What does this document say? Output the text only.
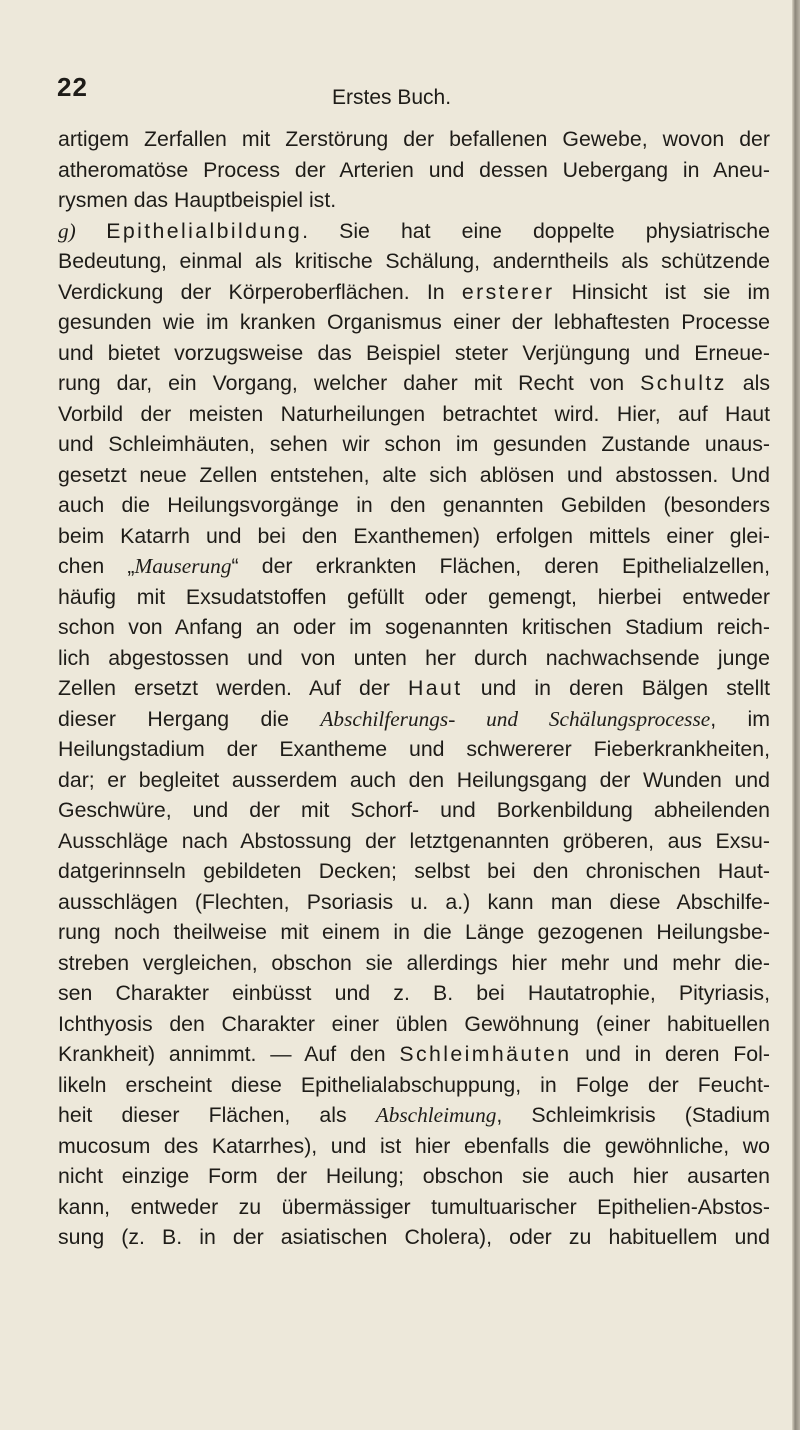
22	Erstes Buch.
artigem Zerfallen mit Zerstörung der befallenen Gewebe, wovon der
atheromatöse Process der Arterien und dessen Uebergang in Aneu-
rysmen das Hauptbeispiel ist.
g) Epithelialbildung. Sie hat eine doppelte physiatrische
Bedeutung, einmal als kritische Schälung, anderntheils als schützende
Verdickung der Körperoberflächen. In ersterer Hinsicht ist sie im
gesunden wie im kranken Organismus einer der lebhaftesten Processe
und bietet vorzugsweise das Beispiel steter Verjüngung und Erneue-
rung dar, ein Vorgang, welcher daher mit Recht von Schultz als
Vorbild der meisten Naturheilungen betrachtet wird. Hier, auf Haut
und Schleimhäuten, sehen wir schon im gesunden Zustande unaus-
gesetzt neue Zellen entstehen, alte sich ablösen und abstossen. Und
auch die Heilungsvorgänge in den genannten Gebilden (besonders
beim Katarrh und bei den Exanthemen) erfolgen mittels einer glei-
chen „Mauserung“ der erkrankten Flächen, deren Epithelialzellen,
häufig mit Exsudatstoffen gefüllt oder gemengt, hierbei entweder
schon von Anfang an oder im sogenannten kritischen Stadium reich-
lich abgestossen und von unten her durch nachwachsende junge
Zellen ersetzt werden. Auf der Haut und in deren Bälgen stellt
dieser Hergang die Abschilferungs- und Schälungsprocesse, im
Heilungstadium der Exantheme und schwererer Fieberkrankheiten,
dar; er begleitet ausserdem auch den Heilungsgang der Wunden und
Geschwüre, und der mit Schorf- und Borkenbildung abheilenden
Ausschläge nach Abstossung der letztgenannten gröberen, aus Exsu-
datgerinnseln gebildeten Decken; selbst bei den chronischen Haut-
ausschlägen (Flechten, Psoriasis u. a.) kann man diese Abschilfe-
rung noch theilweise mit einem in die Länge gezogenen Heilungsbe-
streben vergleichen, obschon sie allerdings hier mehr und mehr die-
sen Charakter einbüsst und z. B. bei Hautatrophie, Pityriasis,
Ichthyosis den Charakter einer üblen Gewöhnung (einer habituellen
Krankheit) annimmt. — Auf den Schleimhäuten und in deren Fol-
likeln erscheint diese Epithelialabschuppung, in Folge der Feucht-
heit dieser Flächen, als Abschleimung, Schleimkrisis (Stadium
mucosum des Katarrhes), und ist hier ebenfalls die gewöhnliche, wo
nicht einzige Form der Heilung; obschon sie auch hier ausarten
kann, entweder zu übermässiger tumultuarischer Epithelien-Abstos-
sung (z. B. in der asiatischen Cholera), oder zu habituellem und
